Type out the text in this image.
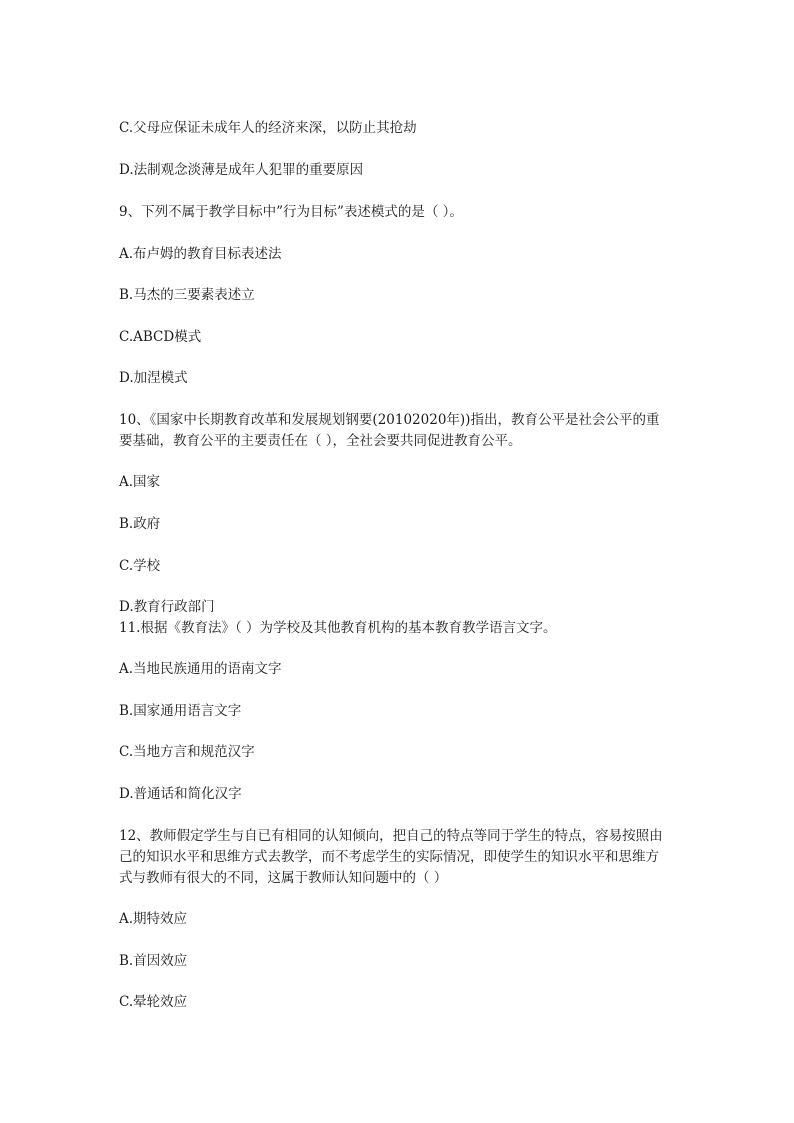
C.父母应保证未成年人的经济来深，以防止其抢劫

D.法制观念淡薄是成年人犯罪的重要原因

9、下列不属于教学目标中”行为目标”表述模式的是（ ）。

A.布卢姆的教育目标表述法

B.马杰的三要素表述立

C.ABCD模式

D.加涅模式

10、《国家中长期教育改革和发展规划钢要(20102020年))指出，教育公平是社会公平的重

要基础，教育公平的主要责任在（ ），全社会要共同促进教育公平。

A.国家

B.政府

C.学校

D.教育行政部门

11.根据《教育法》（ ）为学校及其他教育机构的基本教育教学语言文字。

A.当地民族通用的语南文字

B.国家通用语言文字

C.当地方言和规范汉字

D.普通话和简化汉字

12、教师假定学生与自已有相同的认知倾向，把自己的特点等同于学生的特点，容易按照由

己的知识水平和思维方式去教学，而不考虑学生的实际情况，即使学生的知识水平和思维方

式与教师有很大的不同，这属于教师认知问题中的（ ）

A.期特效应

B.首因效应

C.晕轮效应
